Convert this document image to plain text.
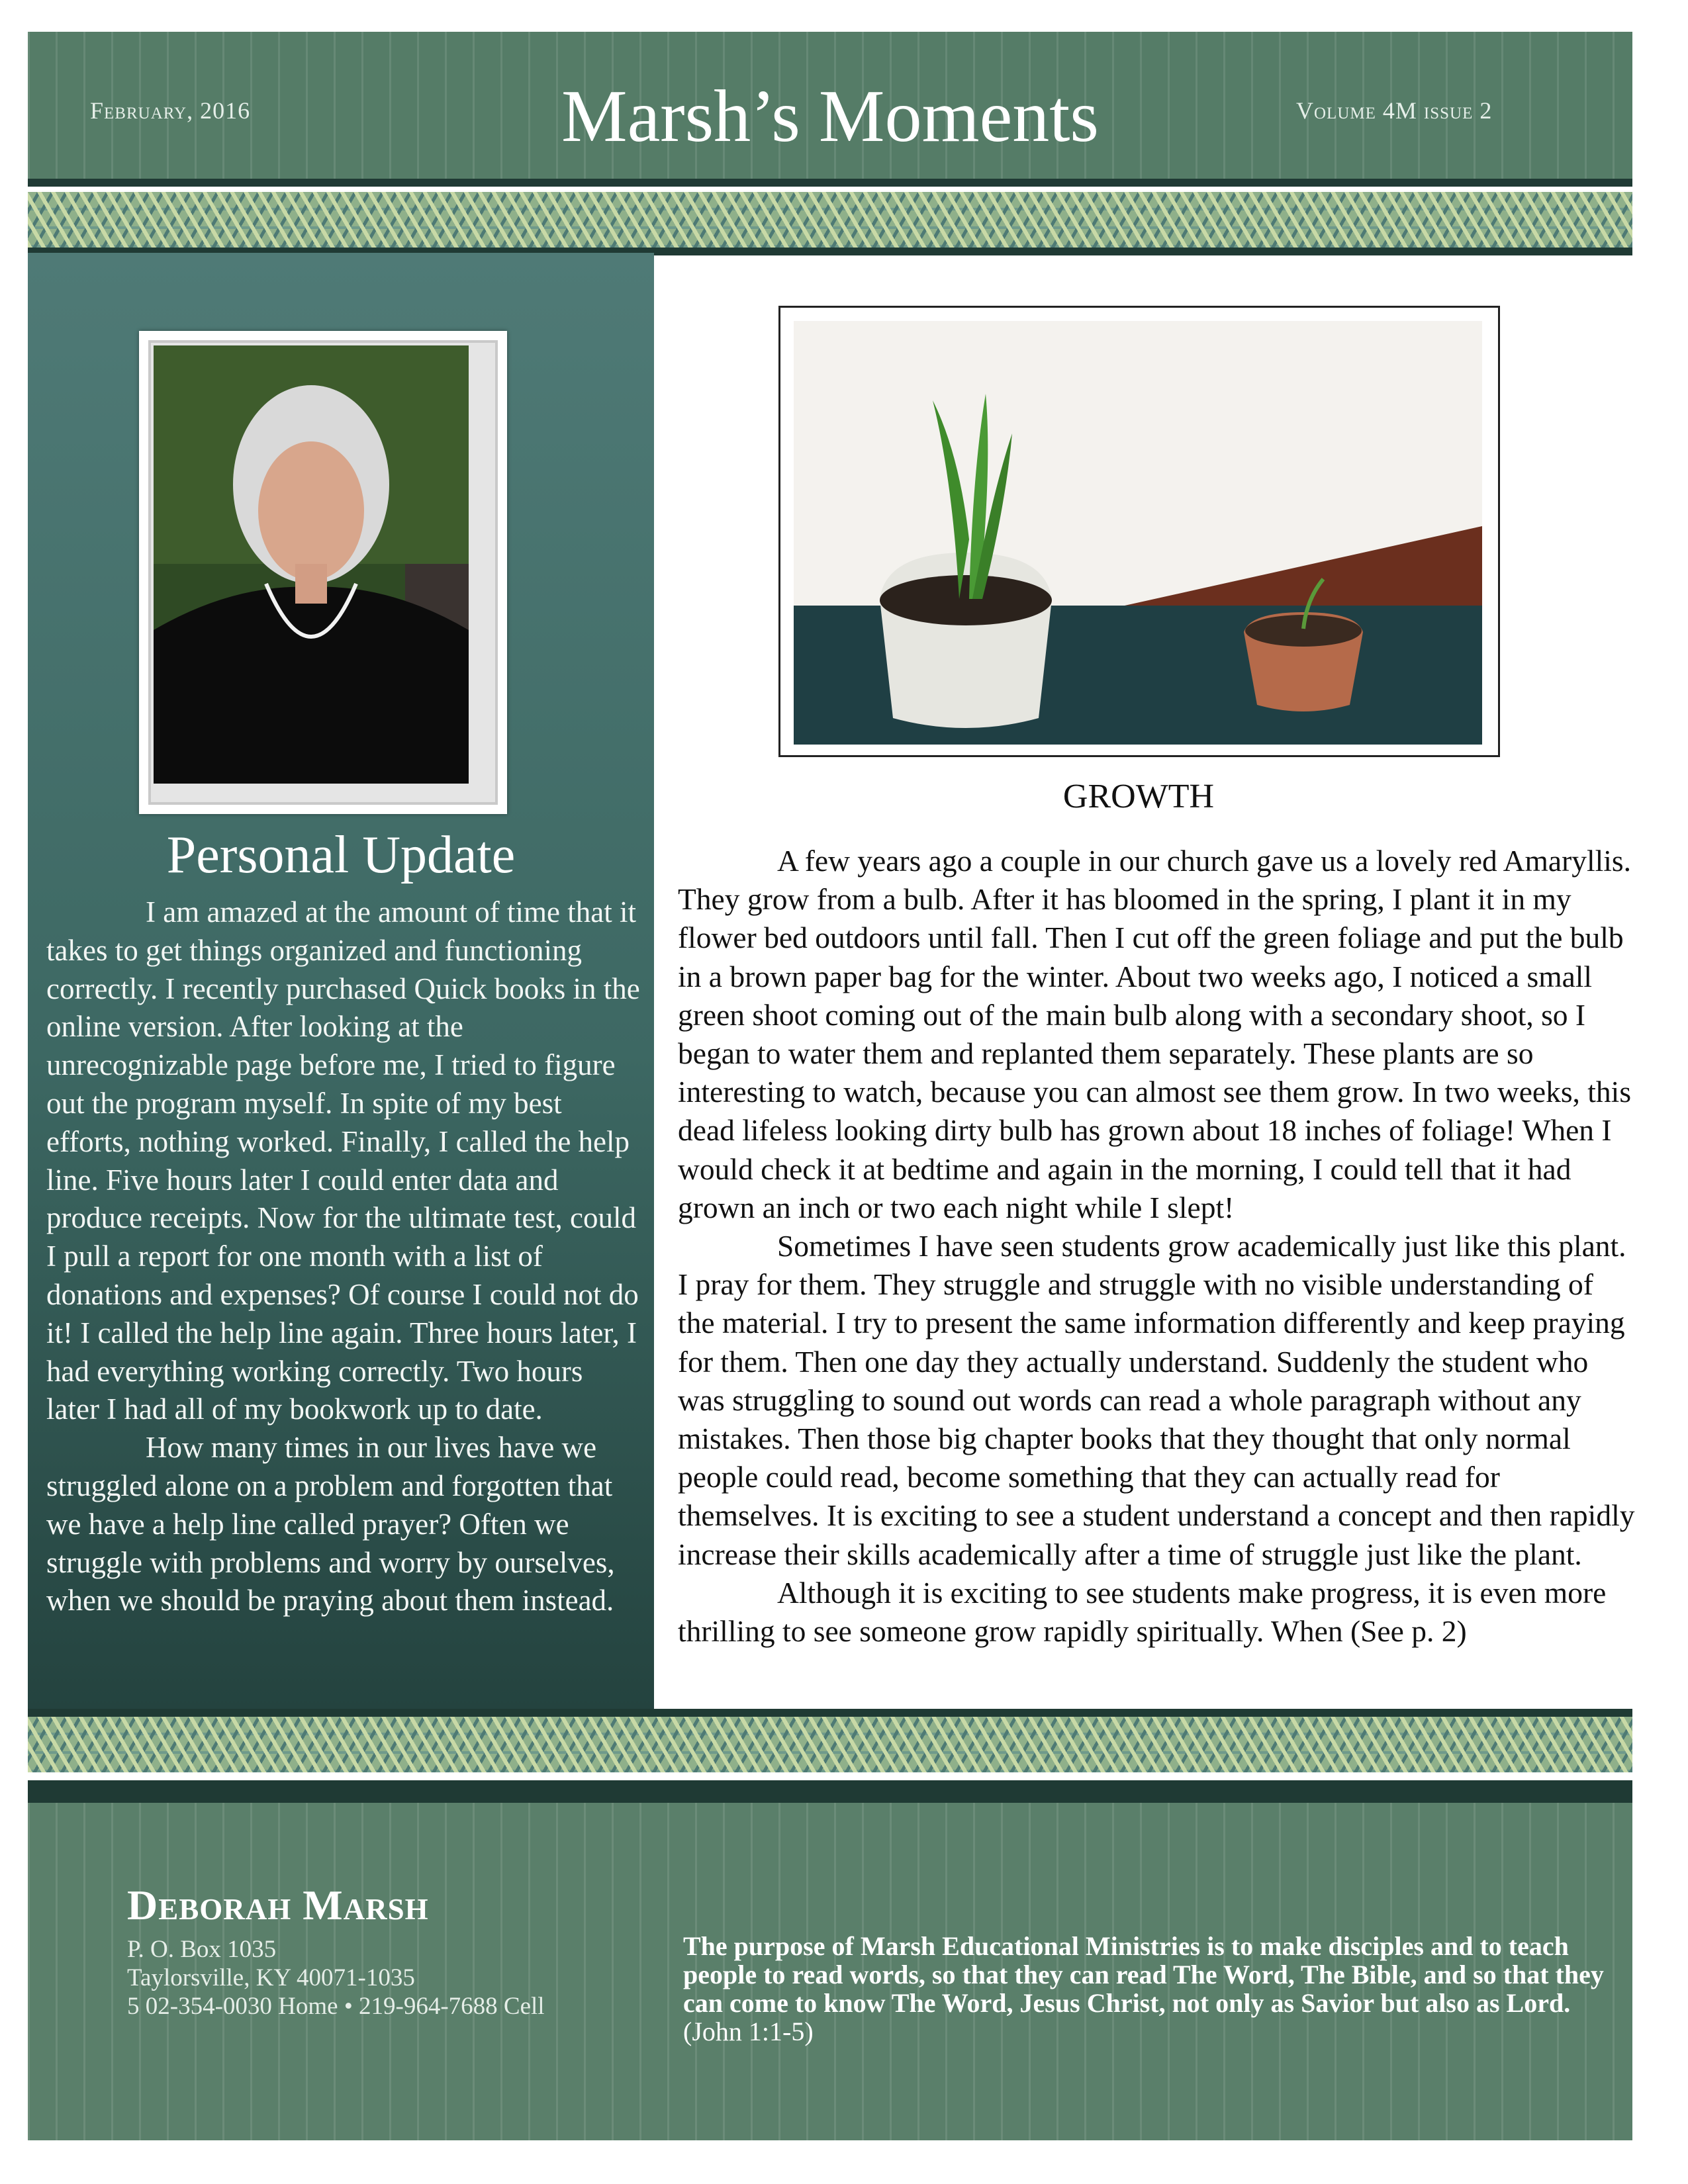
February, 2016	Marsh’s Moments	Volume 4M issue 2
Personal Update

I am amazed at the amount of time that it takes to get things organized and functioning correctly. I recently purchased Quick books in the online version. After looking at the unrecognizable page before me, I tried to figure out the program myself. In spite of my best efforts, nothing worked. Finally, I called the help line. Five hours later I could enter data and produce receipts. Now for the ultimate test, could I pull a report for one month with a list of donations and expenses? Of course I could not do it! I called the help line again. Three hours later, I had everything working correctly. Two hours later I had all of my bookwork up to date.

How many times in our lives have we struggled alone on a problem and forgotten that we have a help line called prayer? Often we struggle with problems and worry by ourselves, when we should be praying about them instead.

GROWTH

A few years ago a couple in our church gave us a lovely red Amaryllis. They grow from a bulb. After it has bloomed in the spring, I plant it in my flower bed outdoors until fall. Then I cut off the green foliage and put the bulb in a brown paper bag for the winter. About two weeks ago, I noticed a small green shoot coming out of the main bulb along with a secondary shoot, so I began to water them and replanted them separately. These plants are so interesting to watch, because you can almost see them grow. In two weeks, this dead lifeless looking dirty bulb has grown about 18 inches of foliage! When I would check it at bedtime and again in the morning, I could tell that it had grown an inch or two each night while I slept!

Sometimes I have seen students grow academically just like this plant. I pray for them. They struggle and struggle with no visible understanding of the material. I try to present the same information differently and keep praying for them. Then one day they actually understand. Suddenly the student who was struggling to sound out words can read a whole paragraph without any mistakes. Then those big chapter books that they thought that only normal people could read, become something that they can actually read for themselves. It is exciting to see a student understand a concept and then rapidly increase their skills academically after a time of struggle just like the plant.

Although it is exciting to see students make progress, it is even more thrilling to see someone grow rapidly spiritually. When (See p. 2)

Deborah Marsh
P. O. Box 1035
Taylorsville, KY 40071-1035
5 02-354-0030 Home • 219-964-7688 Cell
The purpose of Marsh Educational Ministries is to make disciples and to teach people to read words, so that they can read The Word, The Bible, and so that they can come to know The Word, Jesus Christ, not only as Savior but also as Lord. (John 1:1-5)
